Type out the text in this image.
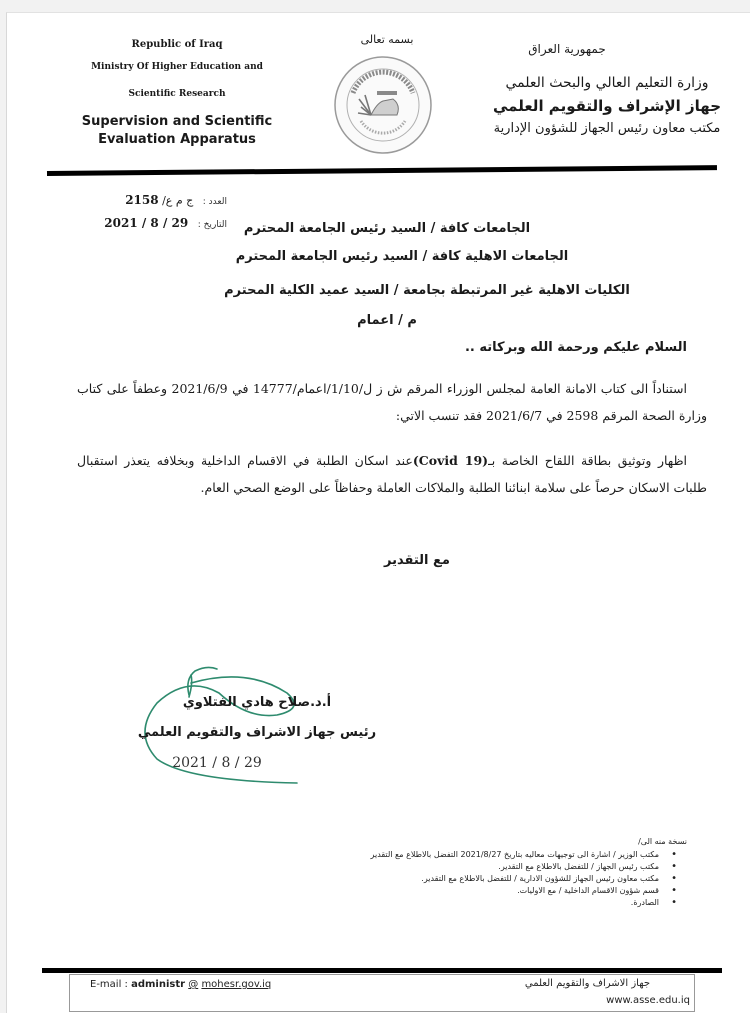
Republic of Iraq
Ministry Of Higher Education and
Scientific Research
Supervision and Scientific
Evaluation Apparatus
بسمه تعالى
جمهورية العراق
وزارة التعليم العالي والبحث العلمي
جهاز الإشراف والتقويم العلمي
مكتب معاون رئيس الجهاز للشؤون الإدارية
العدد : ج م ع/ 2158
التاريخ : 2021 / 8 / 29	الجامعات كافة / السيد رئيس الجامعة المحترم
الجامعات الاهلية كافة / السيد رئيس الجامعة المحترم
الكليات الاهلية غير المرتبطة بجامعة / السيد عميد الكلية المحترم
م / اعمام
السلام عليكم ورحمة الله وبركاته ..
استناداً الى كتاب الامانة العامة لمجلس الوزراء المرقم ش ز ل/1/10/اعمام/14777 في 2021/6/9 وعطفاً على كتاب وزارة الصحة المرقم 2598 في 2021/6/7 فقد تنسب الاتي:
اظهار وتوثيق بطاقة اللقاح الخاصة بـ(Covid 19)عند اسكان الطلبة في الاقسام الداخلية وبخلافه يتعذر استقبال طلبات الاسكان حرصاً على سلامة ابنائنا الطلبة والملاكات العاملة وحفاظاً على الوضع الصحي العام.
مع التقدير
أ.د.صلاح هادي الفتلاوي
رئيس جهاز الاشراف والتقويم العلمي
2021 / 8 / 29
نسخة منه الى/
• مكتب الوزير / اشارة الى توجيهات معاليه بتاريخ 2021/8/27 التفضل بالاطلاع مع التقدير
• مكتب رئيس الجهاز / للتفضل بالاطلاع مع التقدير.
• مكتب معاون رئيس الجهاز للشؤون الادارية / للتفضل بالاطلاع مع التقدير.
• قسم شؤون الاقسام الداخلية / مع الاوليات.
• الصادرة.
E-mail : administr @ mohesr.gov.iq	جهاز الاشراف والتقويم العلمي
www.asse.edu.iq
